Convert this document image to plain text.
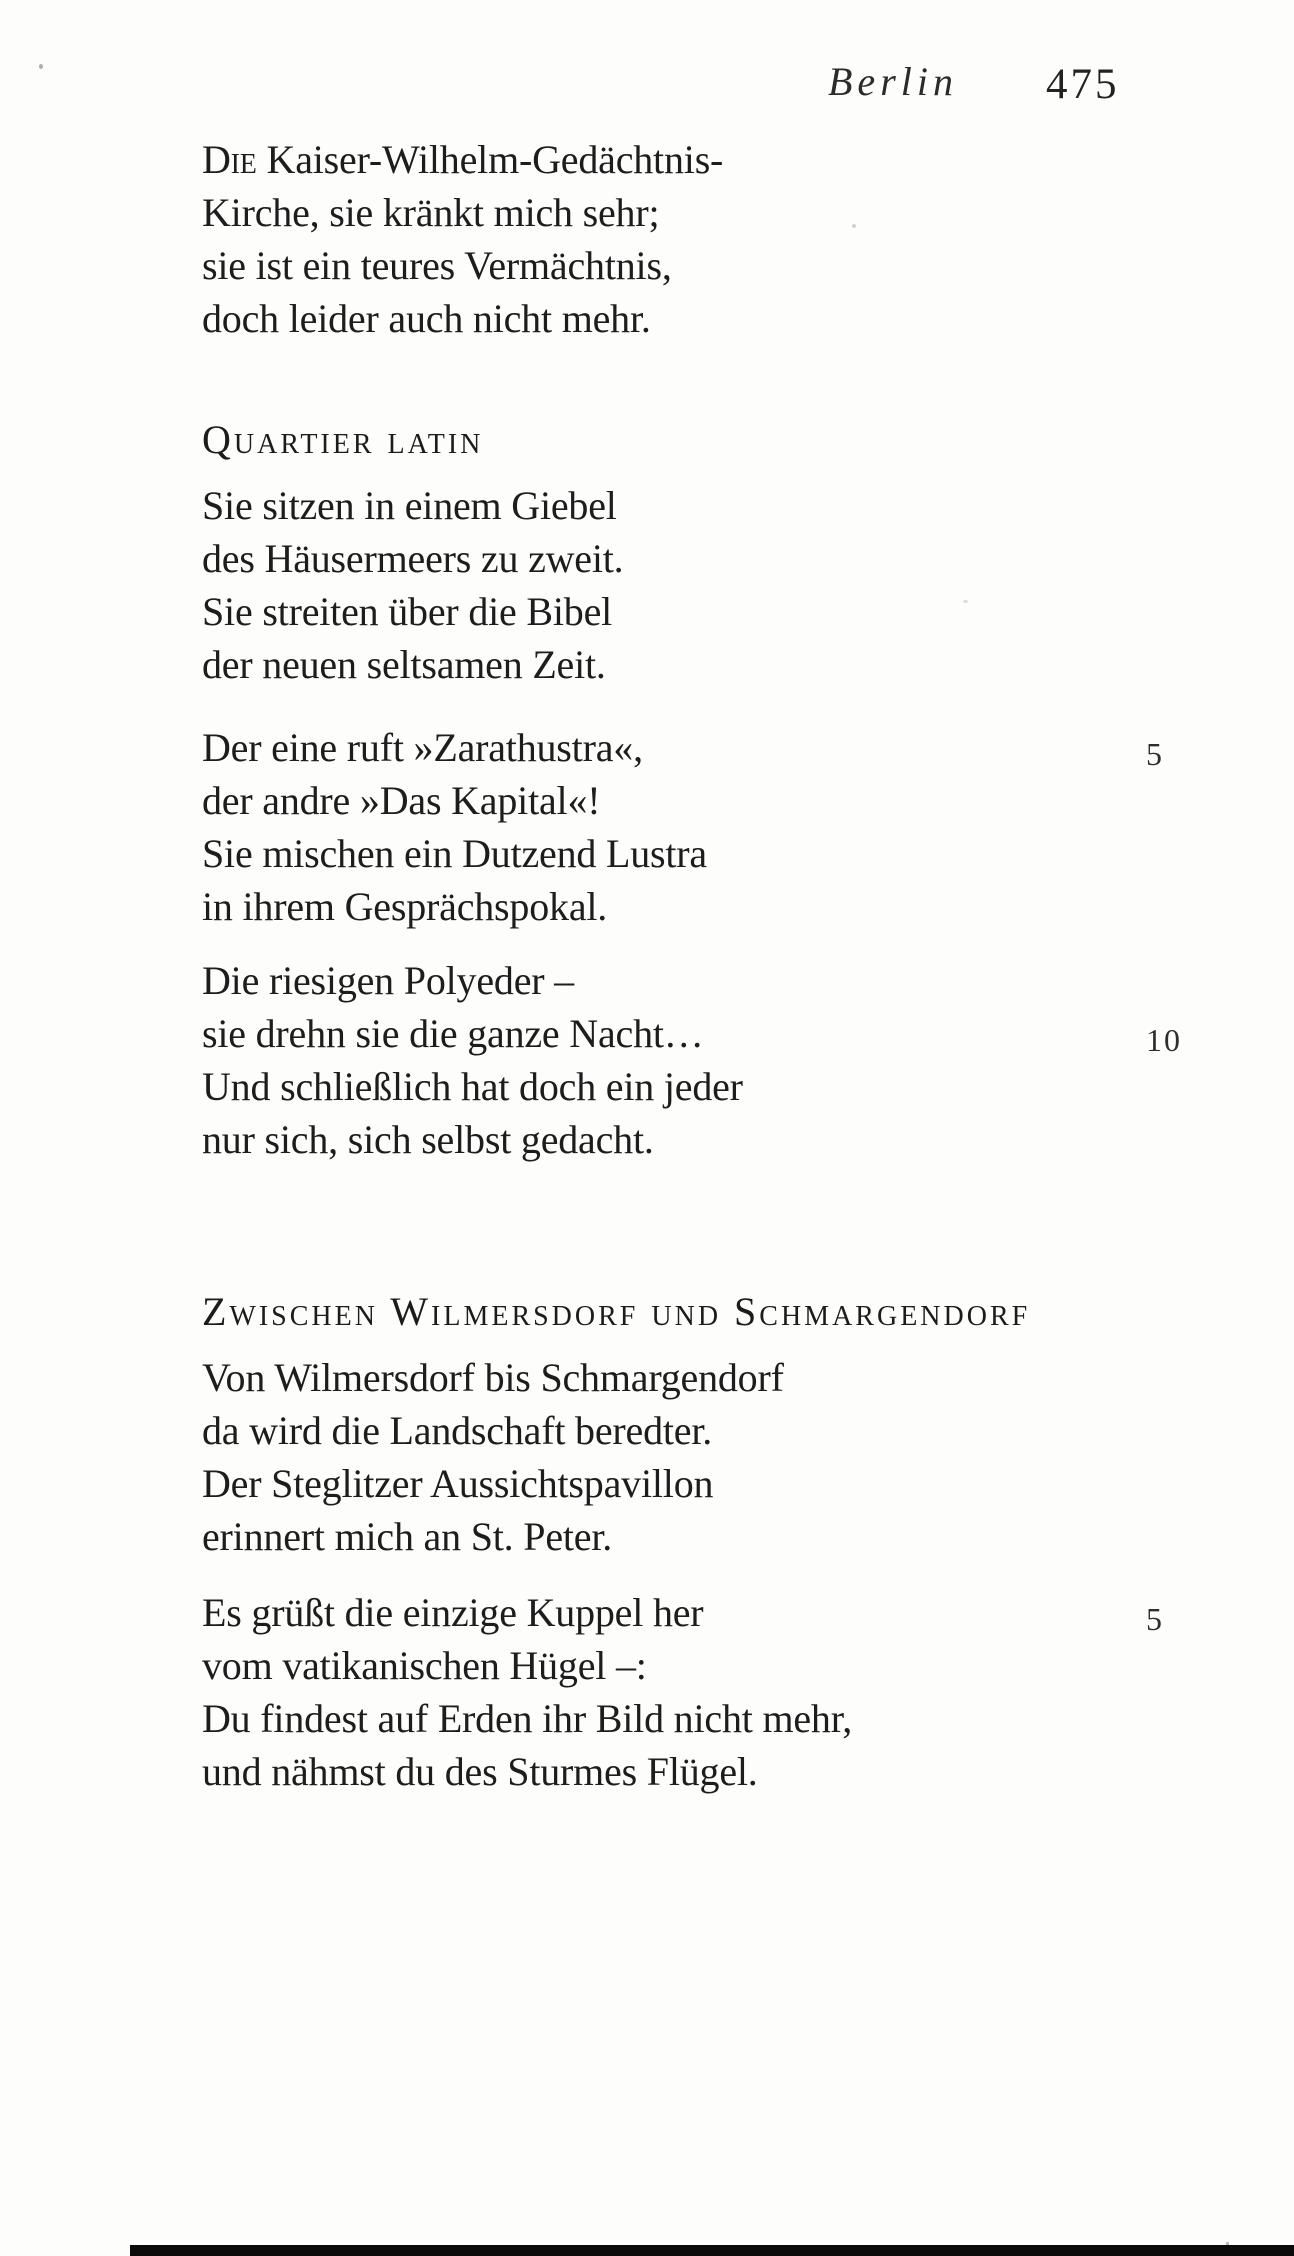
Berlin 475
Die Kaiser-Wilhelm-Gedächtnis-
Kirche, sie kränkt mich sehr;
sie ist ein teures Vermächtnis,
doch leider auch nicht mehr.
Quartier latin
Sie sitzen in einem Giebel
des Häusermeers zu zweit.
Sie streiten über die Bibel
der neuen seltsamen Zeit.
Der eine ruft »Zarathustra«,	5
der andre »Das Kapital«!
Sie mischen ein Dutzend Lustra
in ihrem Gesprächspokal.
Die riesigen Polyeder –
sie drehn sie die ganze Nacht…	10
Und schließlich hat doch ein jeder
nur sich, sich selbst gedacht.
Zwischen Wilmersdorf und Schmargendorf
Von Wilmersdorf bis Schmargendorf
da wird die Landschaft beredter.
Der Steglitzer Aussichtspavillon
erinnert mich an St. Peter.
Es grüßt die einzige Kuppel her	5
vom vatikanischen Hügel –:
Du findest auf Erden ihr Bild nicht mehr,
und nähmst du des Sturmes Flügel.
